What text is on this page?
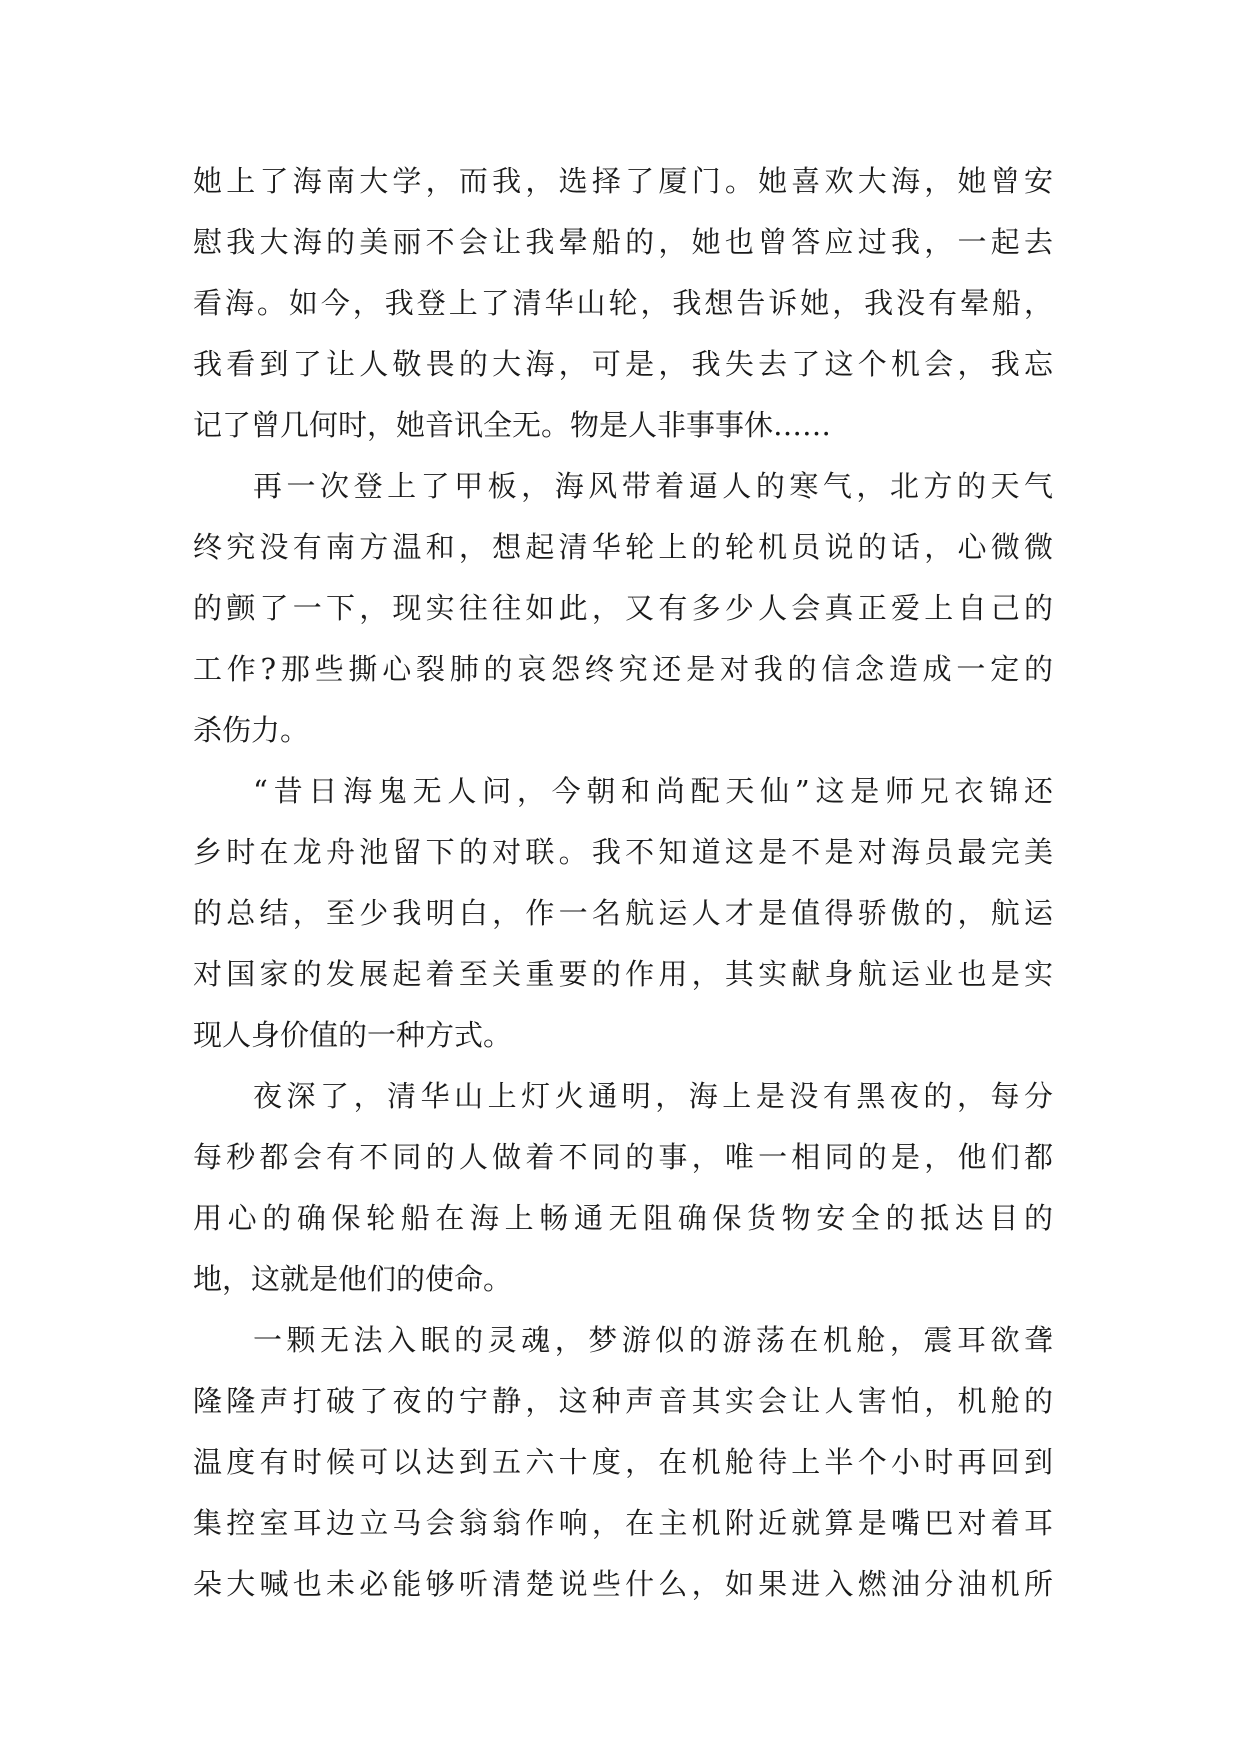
她上了海南大学，而我，选择了厦门。她喜欢大海，她曾安
慰我大海的美丽不会让我晕船的，她也曾答应过我，一起去
看海。如今，我登上了清华山轮，我想告诉她，我没有晕船，
我看到了让人敬畏的大海，可是，我失去了这个机会，我忘
记了曾几何时，她音讯全无。物是人非事事休……
再一次登上了甲板，海风带着逼人的寒气，北方的天气
终究没有南方温和，想起清华轮上的轮机员说的话，心微微
的颤了一下，现实往往如此，又有多少人会真正爱上自己的
工作?那些撕心裂肺的哀怨终究还是对我的信念造成一定的
杀伤力。
“昔日海鬼无人问，今朝和尚配天仙”这是师兄衣锦还
乡时在龙舟池留下的对联。我不知道这是不是对海员最完美
的总结，至少我明白，作一名航运人才是值得骄傲的，航运
对国家的发展起着至关重要的作用，其实献身航运业也是实
现人身价值的一种方式。
夜深了，清华山上灯火通明，海上是没有黑夜的，每分
每秒都会有不同的人做着不同的事，唯一相同的是，他们都
用心的确保轮船在海上畅通无阻确保货物安全的抵达目的
地，这就是他们的使命。
一颗无法入眠的灵魂，梦游似的游荡在机舱，震耳欲聋
隆隆声打破了夜的宁静，这种声音其实会让人害怕，机舱的
温度有时候可以达到五六十度，在机舱待上半个小时再回到
集控室耳边立马会翁翁作响，在主机附近就算是嘴巴对着耳
朵大喊也未必能够听清楚说些什么，如果进入燃油分油机所
